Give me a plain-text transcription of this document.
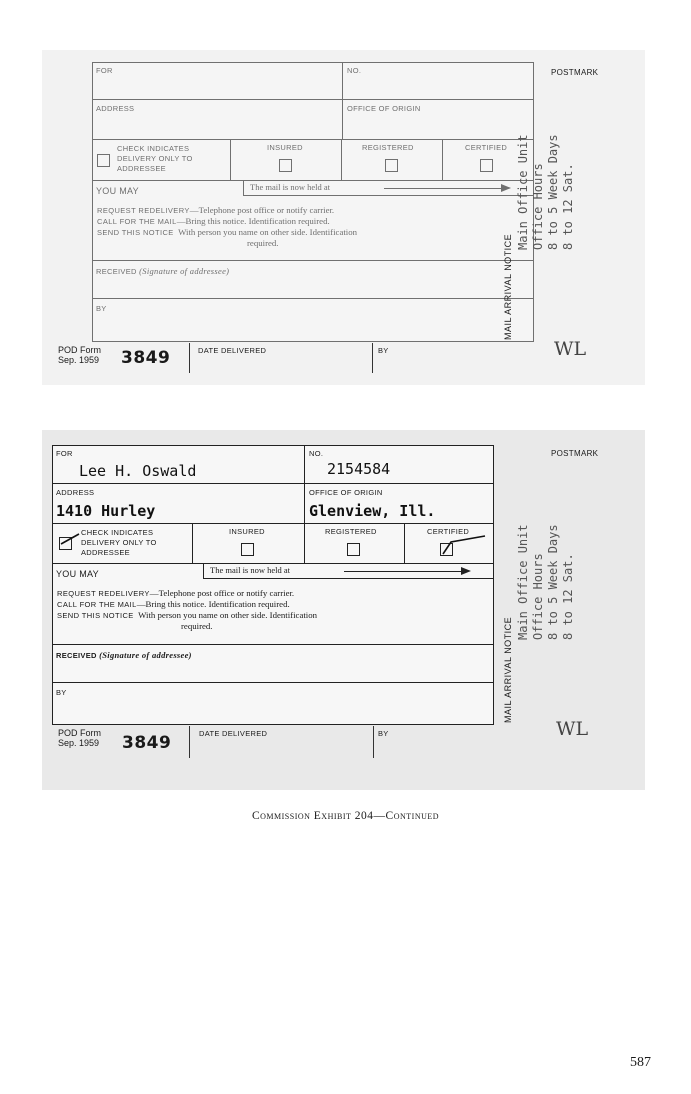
FOR	NO.
ADDRESS	OFFICE OF ORIGIN
CHECK INDICATES DELIVERY ONLY TO ADDRESSEE
INSURED	REGISTERED	CERTIFIED
YOU MAY	The mail is now held at
REQUEST REDELIVERY—Telephone post office or notify carrier.
CALL FOR THE MAIL—Bring this notice. Identification required.
SEND THIS NOTICE With person you name on other side. Identification
required.
RECEIVED (Signature of addressee)
BY
POD Form
Sep. 1959 3849	DATE DELIVERED	BY
POSTMARK
MAIL ARRIVAL NOTICE
Main Office Unit Office Hours 8 to 5 Week Days 8 to 12 Sat.
WL
FOR
Lee H. Oswald
NO.
2154584
ADDRESS
1410 Hurley
OFFICE OF ORIGIN
Glenview, Ill.
CHECK INDICATES DELIVERY ONLY TO ADDRESSEE
INSURED	REGISTERED	CERTIFIED
YOU MAY	The mail is now held at
REQUEST REDELIVERY—Telephone post office or notify carrier.
CALL FOR THE MAIL—Bring this notice. Identification required.
SEND THIS NOTICE With person you name on other side. Identification
required.
RECEIVED (Signature of addressee)
BY
POD Form
Sep. 1959 3849	DATE DELIVERED	BY
POSTMARK
MAIL ARRIVAL NOTICE
Main Office Unit Office Hours 8 to 5 Week Days 8 to 12 Sat.
WL
Commission Exhibit 204—Continued
587
